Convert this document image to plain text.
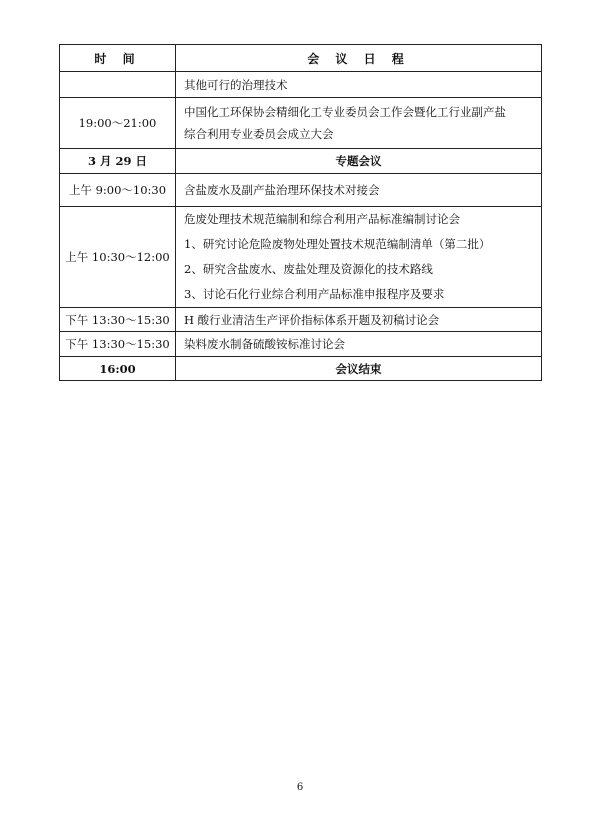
时 间	会 议 日 程

	其他可行的治理技术

19:00～21:00	中国化工环保协会精细化工专业委员会工作会暨化工行业副产盐
综合利用专业委员会成立大会

3 月 29 日	专题会议
上午 9:00～10:30	含盐废水及副产盐治理环保技术对接会

上午 10:30～12:00	危废处理技术规范编制和综合利用产品标准编制讨论会
1、研究讨论危险废物处理处置技术规范编制清单（第二批）
2、研究含盐废水、废盐处理及资源化的技术路线
3、讨论石化行业综合利用产品标准申报程序及要求

下午 13:30～15:30	H 酸行业清洁生产评价指标体系开题及初稿讨论会

下午 13:30～15:30	染料废水制备硫酸铵标准讨论会

16:00	会议结束
6
